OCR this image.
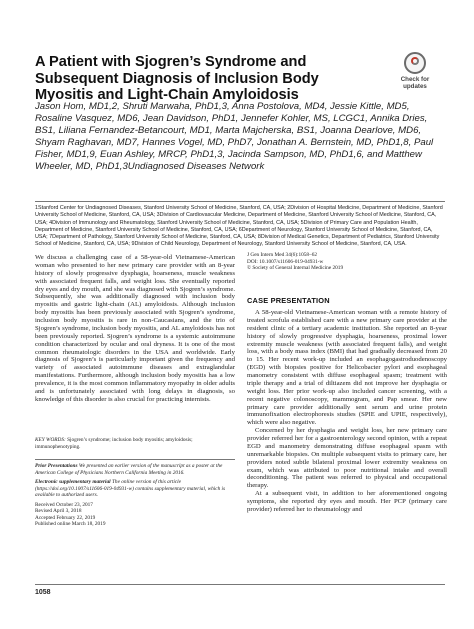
A Patient with Sjogren’s Syndrome and Subsequent Diagnosis of Inclusion Body Myositis and Light-Chain Amyloidosis
Check for updates

Jason Hom, MD1,2, Shruti Marwaha, PhD1,3, Anna Postolova, MD4, Jessie Kittle, MD5, Rosaline Vasquez, MD6, Jean Davidson, PhD1, Jennefer Kohler, MS, LCGC1, Annika Dries, BS1, Liliana Fernandez-Betancourt, MD1, Marta Majcherska, BS1, Joanna Dearlove, MD6, Shyam Raghavan, MD7, Hannes Vogel, MD, PhD7, Jonathan A. Bernstein, MD, PhD1,8, Paul Fisher, MD1,9, Euan Ashley, MRCP, PhD1,3, Jacinda Sampson, MD, PhD1,6, and Matthew Wheeler, MD, PhD1,3Undiagnosed Diseases Network

1Stanford Center for Undiagnosed Diseases, Stanford University School of Medicine, Stanford, CA, USA; 2Division of Hospital Medicine, Department of Medicine, Stanford University School of Medicine, Stanford, CA, USA; 3Division of Cardiovascular Medicine, Department of Medicine, Stanford University School of Medicine, Stanford, CA, USA; 4Division of Immunology and Rheumatology, Stanford University School of Medicine, Stanford, CA, USA; 5Division of Primary Care and Population Health, Department of Medicine, Stanford University School of Medicine, Stanford, CA, USA; 6Department of Neurology, Stanford University School of Medicine, Stanford, CA, USA; 7Department of Pathology, Stanford University School of Medicine, Stanford, CA, USA; 8Division of Medical Genetics, Department of Pediatrics, Stanford University School of Medicine, Stanford, CA, USA; 9Division of Child Neurology, Department of Neurology, Stanford University School of Medicine, Stanford, CA, USA.

We discuss a challenging case of a 58-year-old Vietnamese-American woman who presented to her new primary care provider with an 8-year history of slowly progressive dysphagia, hoarseness, muscle weakness with associated frequent falls, and weight loss. She eventually reported dry eyes and dry mouth, and she was diagnosed with Sjogren’s syndrome. Subsequently, she was additionally diagnosed with inclusion body myositis and gastric light-chain (AL) amyloidosis. Although inclusion body myositis has been previously associated with Sjogren’s syndrome, inclusion body myositis is rare in non-Caucasians, and the trio of Sjogren’s syndrome, inclusion body myositis, and AL amyloidosis has not been previously reported. Sjogren’s syndrome is a systemic autoimmune condition characterized by ocular and oral dryness. It is one of the most common rheumatologic disorders in the USA and worldwide. Early diagnosis of Sjogren’s is particularly important given the frequency and variety of associated autoimmune diseases and extraglandular manifestations. Furthermore, although inclusion body myositis has a low prevalence, it is the most common inflammatory myopathy in older adults and is unfortunately associated with long delays in diagnosis, so knowledge of this disorder is also crucial for practicing internists.

KEY WORDS: Sjogren’s syndrome; inclusion body myositis; amyloidosis; immunophenotyping.

Prior Presentations We presented an earlier version of the manuscript as a poster at the American College of Physicians Northern California Meeting in 2016.

Electronic supplementary material The online version of this article (https://doi.org/10.1007/s11606-019-04931-w) contains supplementary material, which is available to authorized users.

Received October 23, 2017

Revised April 3, 2018

Accepted February 22, 2019

Published online March 18, 2019

1058
J Gen Intern Med 34(6):1058–62
DOI: 10.1007/s11606-019-04931-w
© Society of General Internal Medicine 2019
CASE PRESENTATION

A 58-year-old Vietnamese-American woman with a remote history of treated scrofula established care with a new primary care provider at the resident clinic of a tertiary academic institution. She reported an 8-year history of slowly progressive dysphagia, hoarseness, proximal lower extremity muscle weakness (with associated frequent falls), and weight loss, with a body mass index (BMI) that had gradually decreased from 20 to 15. Her recent work-up included an esophagogastroduodenoscopy (EGD) with biopsies positive for Helicobacter pylori and esophageal manometry consistent with diffuse esophageal spasm; treatment with triple therapy and a trial of diltiazem did not improve her dysphagia or weight loss. Her prior work-up also included cancer screening, with a recent negative colonoscopy, mammogram, and Pap smear. Her new primary care provider additionally sent serum and urine protein immunofixation electrophoresis studies (SPIE and UPIE, respectively), which were also negative.

Concerned by her dysphagia and weight loss, her new primary care provider referred her for a gastroenterology second opinion, with a repeat EGD and manometry demonstrating diffuse esophageal spasm with unremarkable biopsies. On multiple subsequent visits to primary care, her providers noted subtle bilateral proximal lower extremity weakness on exam, which was attributed to poor nutritional intake and overall deconditioning. The patient was referred to physical and occupational therapy.

At a subsequent visit, in addition to her aforementioned ongoing symptoms, she reported dry eyes and mouth. Her PCP (primary care provider) referred her to rheumatology and
